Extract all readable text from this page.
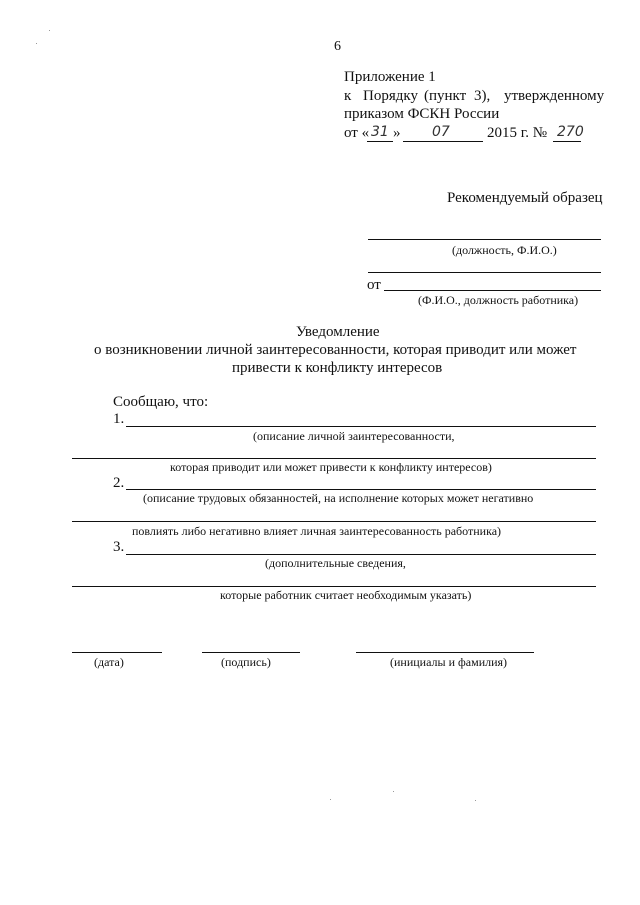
6
Приложение 1
к Порядку (пункт 3), утвержденному
приказом ФСКН России
от « 31 » 07 2015 г. № 270
Рекомендуемый образец
(должность, Ф.И.О.)
от
(Ф.И.О., должность работника)
Уведомление
о возникновении личной заинтересованности, которая приводит или может
привести к конфликту интересов
Сообщаю, что:
1.
(описание личной заинтересованности,
которая приводит или может привести к конфликту интересов)
2.
(описание трудовых обязанностей, на исполнение которых может негативно
повлиять либо негативно влияет личная заинтересованность работника)
3.
(дополнительные сведения,
которые работник считает необходимым указать)
(дата)	(подпись)	(инициалы и фамилия)
